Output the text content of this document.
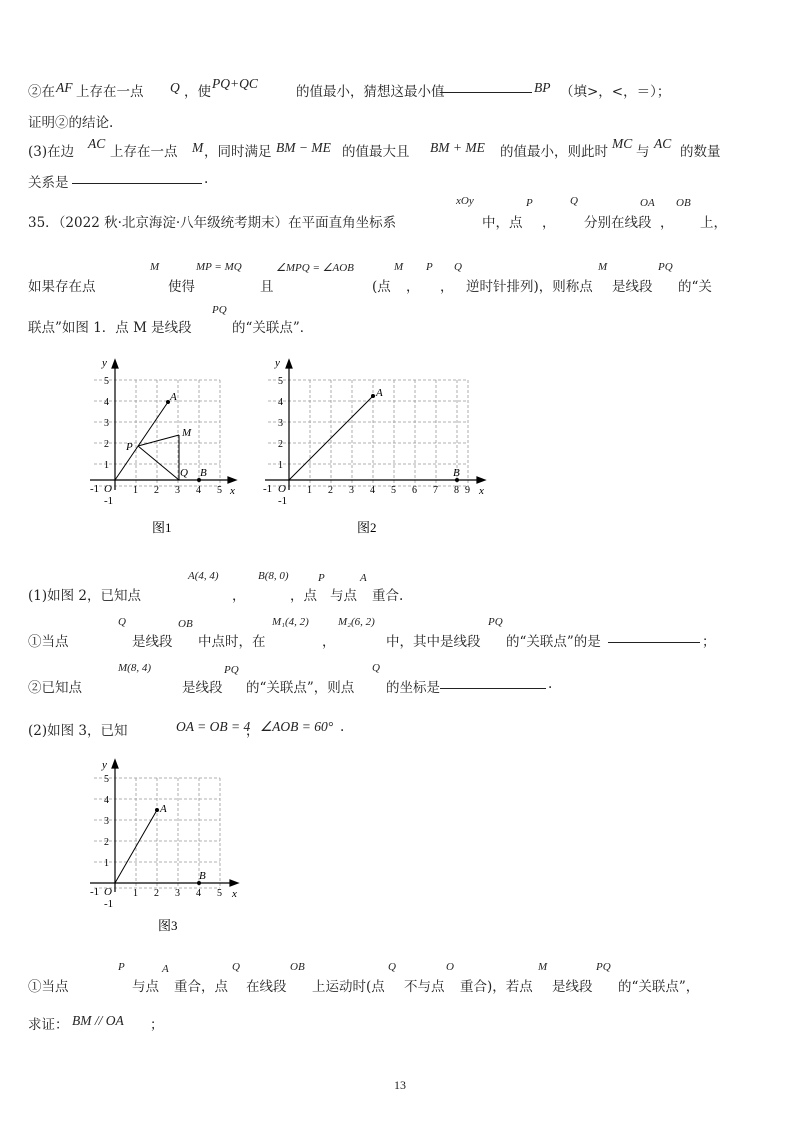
②在 AF 上存在一点 Q ，使
PQ+QC
的值最小，猜想这最小值	BP （填>，<，＝）；
证明②的结论.
(3)在边
AC
上存在一点 M ，同时满足 BM − ME 的值最大且 BM + ME 的值最小，则此时
MC
与
AC
的数量
关系是	.
35．（2022 秋·北京海淀·八年级统考期末）在平面直角坐标系
xOy
中，点
P
，
Q
分别在线段
OA
，
OB
上，
如果存在点
M
使得
MP = MQ
且
∠MPQ = ∠AOB
(点
M
，
P
，
Q
逆时针排列)，则称点
M
是线段
PQ
的“关
联点”如图 1．点 M 是线段
PQ
的“关联点”．
y
x
O
A
B
P
Q
M
-1
-1
1 2 3 4 5
1
2
3
4
5
图1
y
x
O
A
B
-1
-1
1 2 3 4 5 6 7 8 9
1
2
3
4
5
图2
(1)如图 2，已知点
A(4, 4)
，
B(8, 0)
，点
P
与点
A
重合.
①当点
Q
是线段
OB
中点时，在
M₁(4, 2)
，
M₂(6, 2)
中，其中是线段
PQ
的“关联点”的是	；
②已知点
M(8, 4)
是线段
PQ
的“关联点”，则点
Q
的坐标是	.
(2)如图 3，已知	OA = OB = 4
， ∠AOB = 60° .
y
x
O
A
B
-1
-1
1 2 3 4 5
1
2
3
4
5
图3
①当点
P
与点
A
重合，点
Q
在线段
OB
上运动时(点
Q
不与点
O
重合)，若点
M
是线段
PQ
的“关联点”，
求证： BM // OA ；
13
